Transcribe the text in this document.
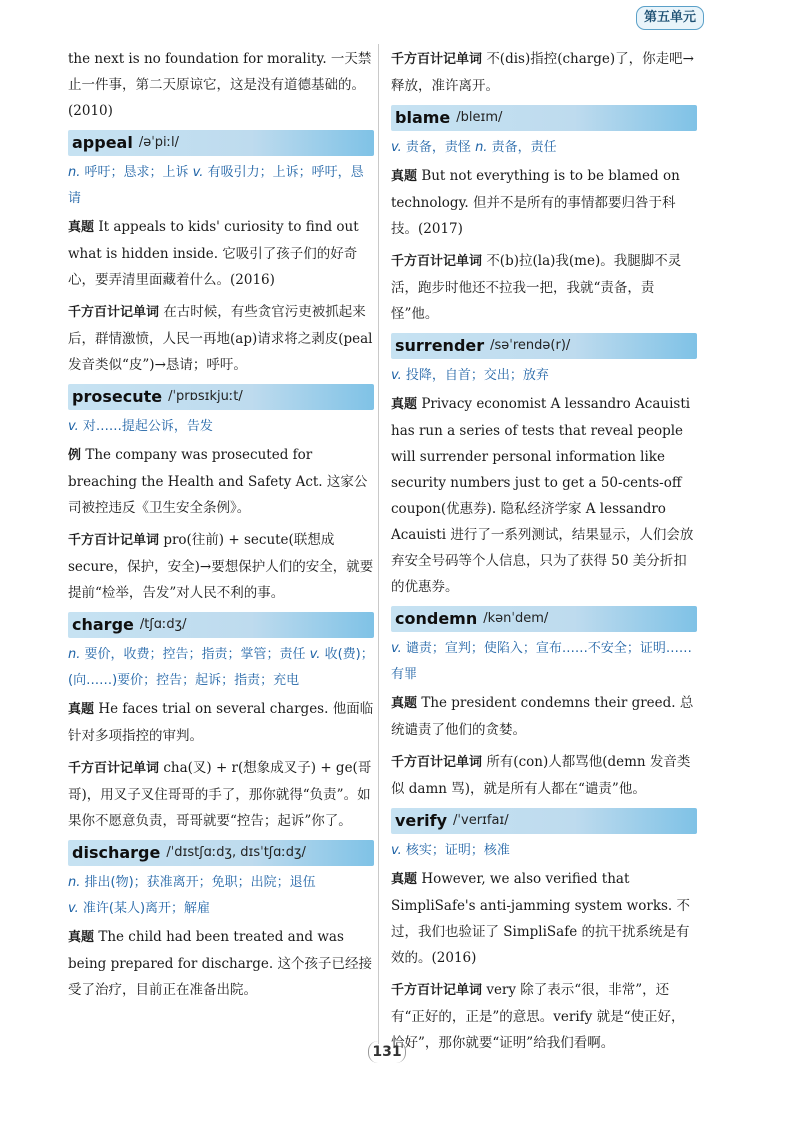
第五单元
the next is no foundation for morality. 一天禁止一件事，第二天原谅它，这是没有道德基础的。(2010)
appeal /əˈpiːl/
n. 呼吁；恳求；上诉 v. 有吸引力；上诉；呼吁，恳请
真题 It appeals to kids' curiosity to find out what is hidden inside. 它吸引了孩子们的好奇心，要弄清里面藏着什么。(2016)
千方百计记单词 在古时候，有些贪官污吏被抓起来后，群情激愤，人民一再地(ap)请求将之剥皮(peal 发音类似“皮”)→恳请；呼吁。
prosecute /ˈprɒsɪkjuːt/
v. 对……提起公诉，告发
例 The company was prosecuted for breaching the Health and Safety Act. 这家公司被控违反《卫生安全条例》。
千方百计记单词 pro(往前) + secute(联想成 secure，保护，安全)→要想保护人们的安全，就要提前“检举，告发”对人民不利的事。
charge /tʃɑːdʒ/
n. 要价，收费；控告；指责；掌管；责任 v. 收(费)；(向……)要价；控告；起诉；指责；充电
真题 He faces trial on several charges. 他面临针对多项指控的审判。
千方百计记单词 cha(叉) + r(想象成叉子) + ge(哥哥)，用叉子叉住哥哥的手了，那你就得“负责”。如果你不愿意负责，哥哥就要“控告；起诉”你了。
discharge /ˈdɪstʃɑːdʒ, dɪsˈtʃɑːdʒ/
n. 排出(物)；获准离开；免职；出院；退伍
v. 准许(某人)离开；解雇
真题 The child had been treated and was being prepared for discharge. 这个孩子已经接受了治疗，目前正在准备出院。
千方百计记单词 不(dis)指控(charge)了，你走吧→释放，准许离开。
blame /bleɪm/
v. 责备，责怪 n. 责备，责任
真题 But not everything is to be blamed on technology. 但并不是所有的事情都要归咎于科技。(2017)
千方百计记单词 不(b)拉(la)我(me)。我腿脚不灵活，跑步时他还不拉我一把，我就“责备，责怪”他。
surrender /səˈrendə(r)/
v. 投降，自首；交出；放弃
真题 Privacy economist A lessandro Acauisti has run a series of tests that reveal people will surrender personal information like security numbers just to get a 50-cents-off coupon(优惠券). 隐私经济学家 A lessandro Acauisti 进行了一系列测试，结果显示，人们会放弃安全号码等个人信息，只为了获得 50 美分折扣的优惠券。
condemn /kənˈdem/
v. 谴责；宣判；使陷入；宣布……不安全；证明……有罪
真题 The president condemns their greed. 总统谴责了他们的贪婪。
千方百计记单词 所有(con)人都骂他(demn 发音类似 damn 骂)，就是所有人都在“谴责”他。
verify /ˈverɪfaɪ/
v. 核实；证明；核准
真题 However, we also verified that SimpliSafe's anti-jamming system works. 不过，我们也验证了 SimpliSafe 的抗干扰系统是有效的。(2016)
千方百计记单词 very 除了表示“很，非常”，还有“正好的，正是”的意思。verify 就是“使正好，恰好”，那你就要“证明”给我们看啊。
131
